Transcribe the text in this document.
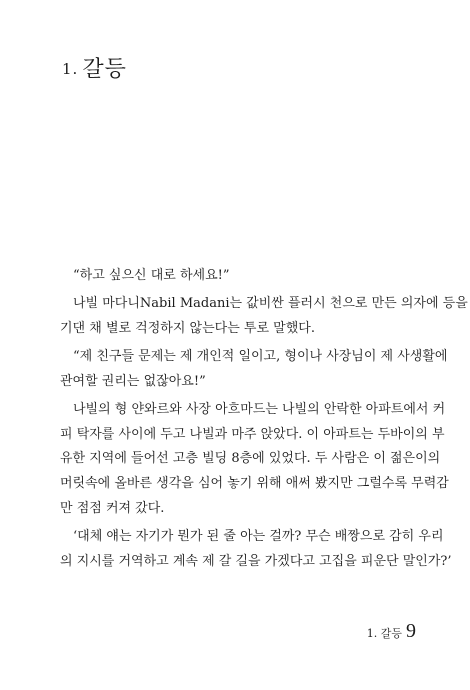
1. 갈등
“하고 싶으신 대로 하세요!”
나빌 마다니Nabil Madani는 값비싼 플러시 천으로 만든 의자에 등을
기댄 채 별로 걱정하지 않는다는 투로 말했다.
“제 친구들 문제는 제 개인적 일이고, 형이나 사장님이 제 사생활에
관여할 권리는 없잖아요!”
나빌의 형 얀와르와 사장 아흐마드는 나빌의 안락한 아파트에서 커
피 탁자를 사이에 두고 나빌과 마주 앉았다. 이 아파트는 두바이의 부
유한 지역에 들어선 고층 빌딩 8층에 있었다. 두 사람은 이 젊은이의
머릿속에 올바른 생각을 심어 놓기 위해 애써 봤지만 그럴수록 무력감
만 점점 커져 갔다.
‘대체 얘는 자기가 뭔가 된 줄 아는 걸까? 무슨 배짱으로 감히 우리
의 지시를 거역하고 계속 제 갈 길을 가겠다고 고집을 피운단 말인가?’
1. 갈등 9
